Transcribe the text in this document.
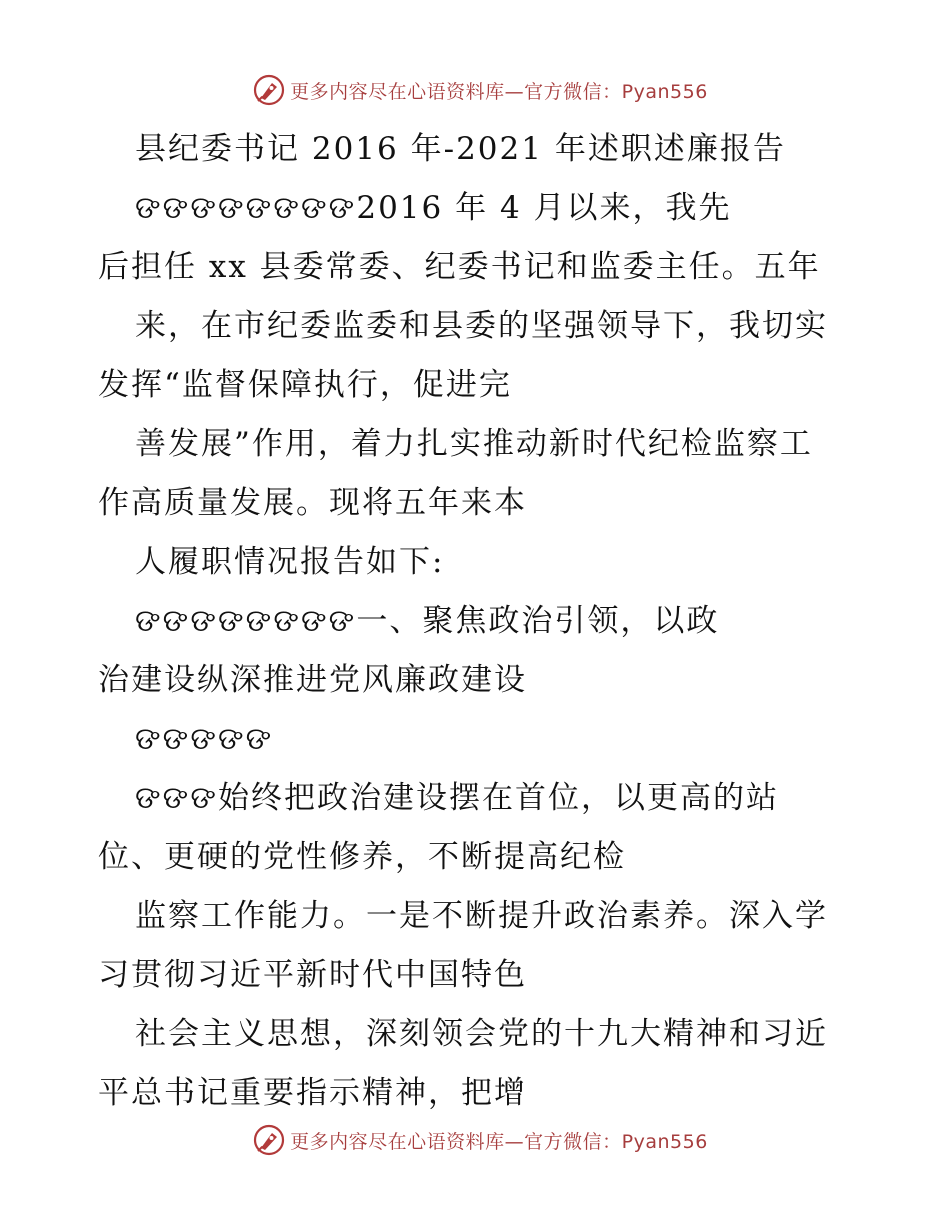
更多内容尽在心语资料库—官方微信：Pyan556
县纪委书记 2016 年-2021 年述职述廉报告
ଙଙଙଙଙଙଙଙ2016 年 4 月以来，我先
后担任 xx 县委常委、纪委书记和监委主任。五年
来，在市纪委监委和县委的坚强领导下，我切实
发挥“监督保障执行，促进完
善发展”作用，着力扎实推动新时代纪检监察工
作高质量发展。现将五年来本
人履职情况报告如下:
ଙଙଙଙଙଙଙଙ一、聚焦政治引领，以政
治建设纵深推进党风廉政建设
ଙଙଙଙଙ
ଙଙଙ始终把政治建设摆在首位，以更高的站
位、更硬的党性修养，不断提高纪检
监察工作能力。一是不断提升政治素养。深入学
习贯彻习近平新时代中国特色
社会主义思想，深刻领会党的十九大精神和习近
平总书记重要指示精神，把增
更多内容尽在心语资料库—官方微信：Pyan556
